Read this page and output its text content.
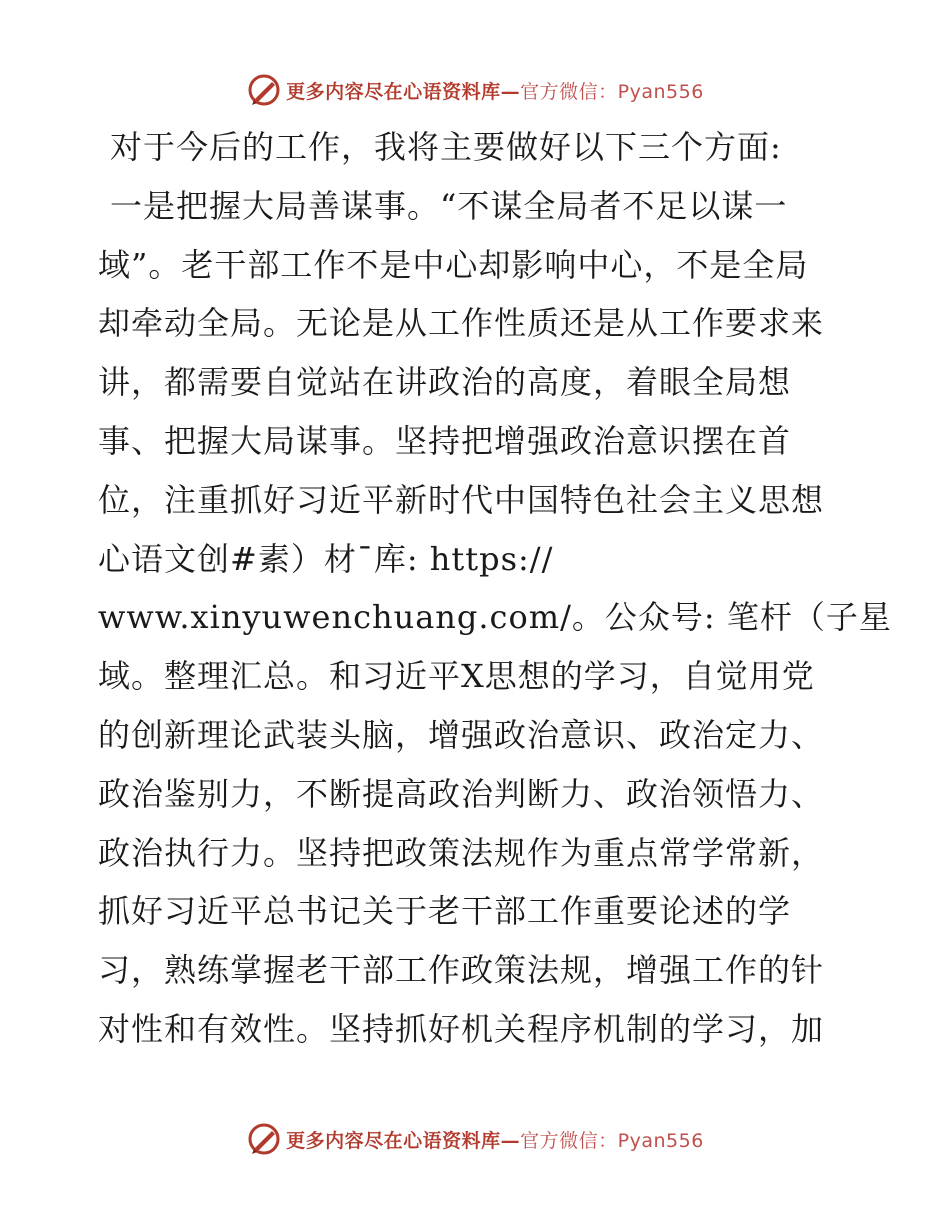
更多内容尽在心语资料库— 官方微信：Pyan556
对于今后的工作，我将主要做好以下三个方面:
一是把握大局善谋事。“不谋全局者不足以谋一
域”。老干部工作不是中心却影响中心，不是全局
却牵动全局。无论是从工作性质还是从工作要求来
讲，都需要自觉站在讲政治的高度，着眼全局想
事、把握大局谋事。坚持把增强政治意识摆在首
位，注重抓好习近平新时代中国特色社会主义思想
心语文创#素）材¯库: https://
www.xinyuwenchuang.com/。公众号: 笔杆（子星
域。整理汇总。和习近平X思想的学习，自觉用党
的创新理论武装头脑，增强政治意识、政治定力、
政治鉴别力，不断提高政治判断力、政治领悟力、
政治执行力。坚持把政策法规作为重点常学常新，
抓好习近平总书记关于老干部工作重要论述的学
习，熟练掌握老干部工作政策法规，增强工作的针
对性和有效性。坚持抓好机关程序机制的学习，加
更多内容尽在心语资料库— 官方微信：Pyan556
